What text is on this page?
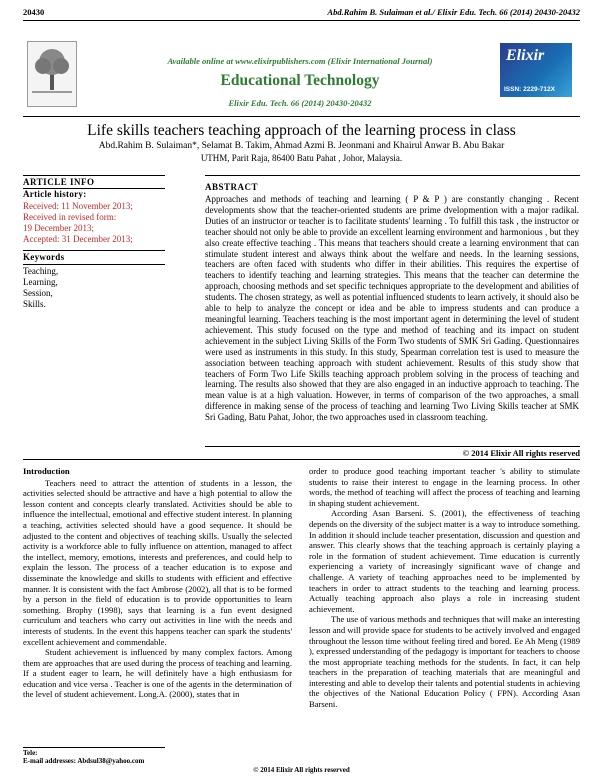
20430	Abd.Rahim B. Sulaiman et al./ Elixir Edu. Tech. 66 (2014) 20430-20432
Available online at www.elixirpublishers.com (Elixir International Journal)
Educational Technology
Elixir Edu. Tech. 66 (2014) 20430-20432
Elixir
ISSN: 2229-712X
Life skills teachers teaching approach of the learning process in class
Abd.Rahim B. Sulaiman*, Selamat B. Takim, Ahmad Azmi B. Jeonmani and Khairul Anwar B. Abu Bakar
UTHM, Parit Raja, 86400 Batu Pahat , Johor, Malaysia.
ARTICLE INFO
Article history:
Received: 11 November 2013;
Received in revised form:
19 December 2013;
Accepted: 31 December 2013;
Keywords
Teaching,
Learning,
Session,
Skills.
ABSTRACT
Approaches and methods of teaching and learning ( P & P ) are constantly changing . Recent developments show that the teacher-oriented students are prime dvelopmention with a major radikal. Duties of an instructor or teacher is to facilitate students' learning . To fulfill this task , the instructor or teacher should not only be able to provide an excellent learning environment and harmonious , but they also create effective teaching . This means that teachers should create a learning environment that can stimulate student interest and always think about the welfare and needs. In the learning sessions, teachers are often faced with students who differ in their abilities. This requires the expertise of teachers to identify teaching and learning strategies. This means that the teacher can determine the approach, choosing methods and set specific techniques appropriate to the development and abilities of students. The chosen strategy, as well as potential influenced students to learn actively, it should also be able to help to analyze the concept or idea and be able to impress students and can produce a meaningful learning. Teachers teaching is the most important agent in determining the level of student achievement. This study focused on the type and method of teaching and its impact on student achievement in the subject Living Skills of the Form Two students of SMK Sri Gading. Questionnaires were used as instruments in this study. In this study, Spearman correlation test is used to measure the association between teaching approach with student achievement. Results of this study show that teachers of Form Two Life Skills teaching approach problem solving in the process of teaching and learning. The results also showed that they are also engaged in an inductive approach to teaching. The mean value is at a high valuation. However, in terms of comparison of the two approaches, a small difference in making sense of the process of teaching and learning Two Living Skills teacher at SMK Sri Gading, Batu Pahat, Johor, the two approaches used in classroom teaching.
© 2014 Elixir All rights reserved

Introduction

Teachers need to attract the attention of students in a lesson, the activities selected should be attractive and have a high potential to allow the lesson content and concepts clearly translated. Activities should be able to influence the intellectual, emotional and effective student interest. In planning a teaching, activities selected should have a good sequence. It should be adjusted to the content and objectives of teaching skills. Usually the selected activity is a workforce able to fully influence on attention, managed to affect the intellect, memory, emotions, interests and preferences, and could help to explain the lesson. The process of a teacher education is to expose and disseminate the knowledge and skills to students with efficient and effective manner. It is consistent with the fact Ambrose (2002), all that is to be formed by a person in the field of education is to provide opportunities to learn something. Brophy (1998), says that learning is a fun event designed curriculum and teachers who carry out activities in line with the needs and interests of students. In the event this happens teacher can spark the students' excellent achievement and commendable.

Student achievement is influenced by many complex factors. Among them are approaches that are used during the process of teaching and learning. If a student eager to learn, he will definitely have a high enthusiasm for education and vice versa . Teacher is one of the agents in the determination of the level of student achievement. Long.A. (2000), states that in

order to produce good teaching important teacher 's ability to stimulate students to raise their interest to engage in the learning process. In other words, the method of teaching will affect the process of teaching and learning in shaping student achievement.

According Asan Barseni. S. (2001), the effectiveness of teaching depends on the diversity of the subject matter is a way to introduce something. In addition it should include teacher presentation, discussion and question and answer. This clearly shows that the teaching approach is certainly playing a role in the formation of student achievement. Time education is currently experiencing a variety of increasingly significant wave of change and challenge. A variety of teaching approaches need to be implemented by teachers in order to attract students to the teaching and learning process. Actually teaching approach also plays a role in increasing student achievement.

The use of various methods and techniques that will make an interesting lesson and will provide space for students to be actively involved and engaged throughout the lesson time without feeling tired and bored. Ee Ah Meng (1989 ), expressed understanding of the pedagogy is important for teachers to choose the most appropriate teaching methods for the students. In fact, it can help teachers in the preparation of teaching materials that are meaningful and interesting and able to develop their talents and potential students in achieving the objectives of the National Education Policy ( FPN). According Asan Barseni.

Tele:
E-mail addresses: Abdsul38@yahoo.com
© 2014 Elixir All rights reserved
